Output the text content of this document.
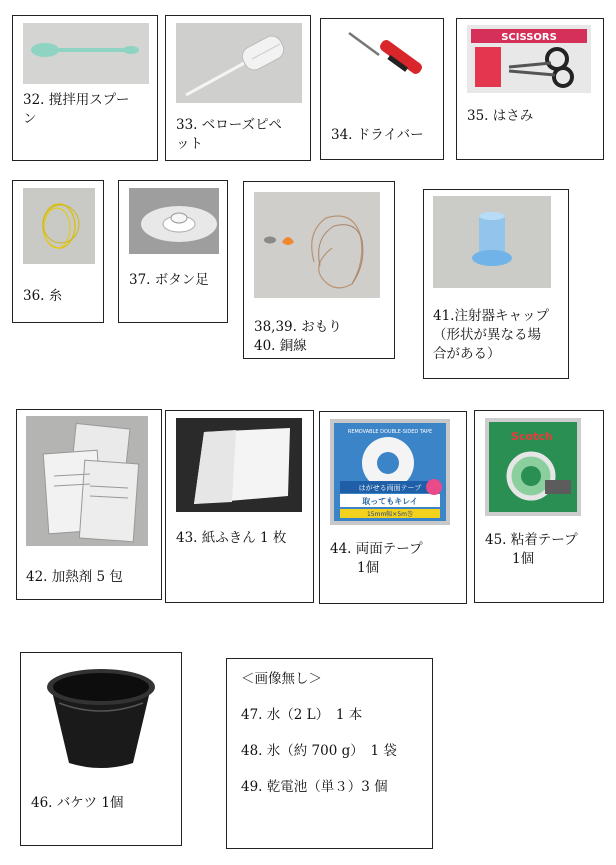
32. 撹拌用スプー
ン	33. ベローズピペ
ット
34. ドライバー
SCISSORS
35. はさみ
36. 糸
37. ボタン足
38,39. おもり
40. 銅線
41.注射器キャップ
（形状が異なる場
合がある）
42. 加熱剤 5 包
43. 紙ふきん 1 枚
REMOVABLE DOUBLE-SIDED TAPE
はがせる両面テープ
取ってもキレイ
15mm幅×5m巻
44. 両面テープ
　　1個
Scotch
45. 粘着テープ
　　1個
46. バケツ 1個
＜画像無し＞
47. 水（2 L）　1 本
48. 氷（約 700 g）　1 袋
49. 乾電池（単３）3 個
